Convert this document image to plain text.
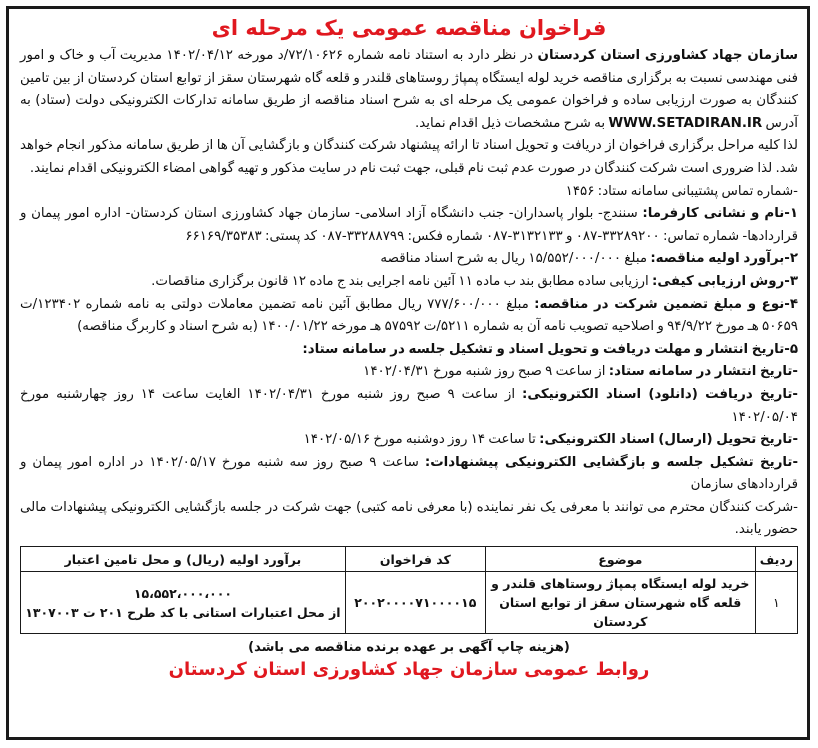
فراخوان مناقصه عمومی یک مرحله ای

سازمان جهاد کشاورزی استان کردستان در نظر دارد به استناد نامه شماره ۷۲/۱۰۶۲۶/د مورخه ۱۴۰۲/۰۴/۱۲ مدیریت آب و خاک و امور فنی مهندسی نسبت به برگزاری مناقصه خرید لوله ایستگاه پمپاژ روستاهای قلندر و قلعه گاه شهرستان سقز از توابع استان کردستان از بین تامین کنندگان به صورت ارزیابی ساده و فراخوان عمومی یک مرحله ای به شرح اسناد مناقصه از طریق سامانه تدارکات الکترونیکی دولت (ستاد) به آدرس WWW.SETADIRAN.IR به شرح مشخصات ذیل اقدام نماید.

لذا کلیه مراحل برگزاری فراخوان از دریافت و تحویل اسناد تا ارائه پیشنهاد شرکت کنندگان و بازگشایی آن ها از طریق سامانه مذکور انجام خواهد شد. لذا ضروری است شرکت کنندگان در صورت عدم ثبت نام قبلی، جهت ثبت نام در سایت مذکور و تهیه گواهی امضاء الکترونیکی اقدام نمایند.

-شماره تماس پشتیبانی سامانه ستاد: ۱۴۵۶

۱-نام و نشانی کارفرما: سنندج- بلوار پاسداران- جنب دانشگاه آزاد اسلامی- سازمان جهاد کشاورزی استان کردستان- اداره امور پیمان و قراردادها- شماره تماس: ۳۳۲۸۹۲۰۰-۰۸۷ و ۳۱۳۲۱۳۳-۰۸۷ شماره فکس: ۳۳۲۸۸۷۹۹-۰۸۷ کد پستی: ۶۶۱۶۹/۳۵۳۸۳

۲-برآورد اولیه مناقصه: مبلغ ۱۵/۵۵۲/۰۰۰/۰۰۰ ریال به شرح اسناد مناقصه

۳-روش ارزیابی کیفی: ارزیابی ساده مطابق بند ب ماده ۱۱ آئین نامه اجرایی بند ج ماده ۱۲ قانون برگزاری مناقصات.

۴-نوع و مبلغ تضمین شرکت در مناقصه: مبلغ ۷۷۷/۶۰۰/۰۰۰ ریال مطابق آئین نامه تضمین معاملات دولتی به نامه شماره ۱۲۳۴۰۲/ت ۵۰۶۵۹ هـ مورخ ۹۴/۹/۲۲ و اصلاحیه تصویب نامه آن به شماره ۵۲۱۱/ت ۵۷۵۹۲ هـ مورخه ۱۴۰۰/۰۱/۲۲ (به شرح اسناد و کاربرگ مناقصه)

۵-تاریخ انتشار و مهلت دریافت و تحویل اسناد و تشکیل جلسه در سامانه ستاد:

-تاریخ انتشار در سامانه ستاد: از ساعت ۹ صبح روز شنبه مورخ ۱۴۰۲/۰۴/۳۱

-تاریخ دریافت (دانلود) اسناد الکترونیکی: از ساعت ۹ صبح روز شنبه مورخ ۱۴۰۲/۰۴/۳۱ الغایت ساعت ۱۴ روز چهارشنبه مورخ ۱۴۰۲/۰۵/۰۴

-تاریخ تحویل (ارسال) اسناد الکترونیکی: تا ساعت ۱۴ روز دوشنبه مورخ ۱۴۰۲/۰۵/۱۶

-تاریخ تشکیل جلسه و بازگشایی الکترونیکی پیشنهادات: ساعت ۹ صبح روز سه شنبه مورخ ۱۴۰۲/۰۵/۱۷ در اداره امور پیمان و قراردادهای سازمان

-شرکت کنندگان محترم می توانند با معرفی یک نفر نماینده (با معرفی نامه کتبی) جهت شرکت در جلسه بازگشایی الکترونیکی پیشنهادات مالی حضور یابند.

ردیف	موضوع	کد فراخوان	برآورد اولیه (ریال) و محل تامین اعتبار
۱	خرید لوله ایستگاه پمپاژ روستاهای قلندر و قلعه گاه شهرستان سقز از توابع استان کردستان	۲۰۰۲۰۰۰۰۷۱۰۰۰۰۱۵	۱۵،۵۵۲،۰۰۰،۰۰۰
از محل اعتبارات استانی با کد طرح ۲۰۱ ت ۱۳۰۷۰۰۳
(هزینه چاپ آگهی بر عهده برنده مناقصه می باشد)
روابط عمومی سازمان جهاد کشاورزی استان کردستان
